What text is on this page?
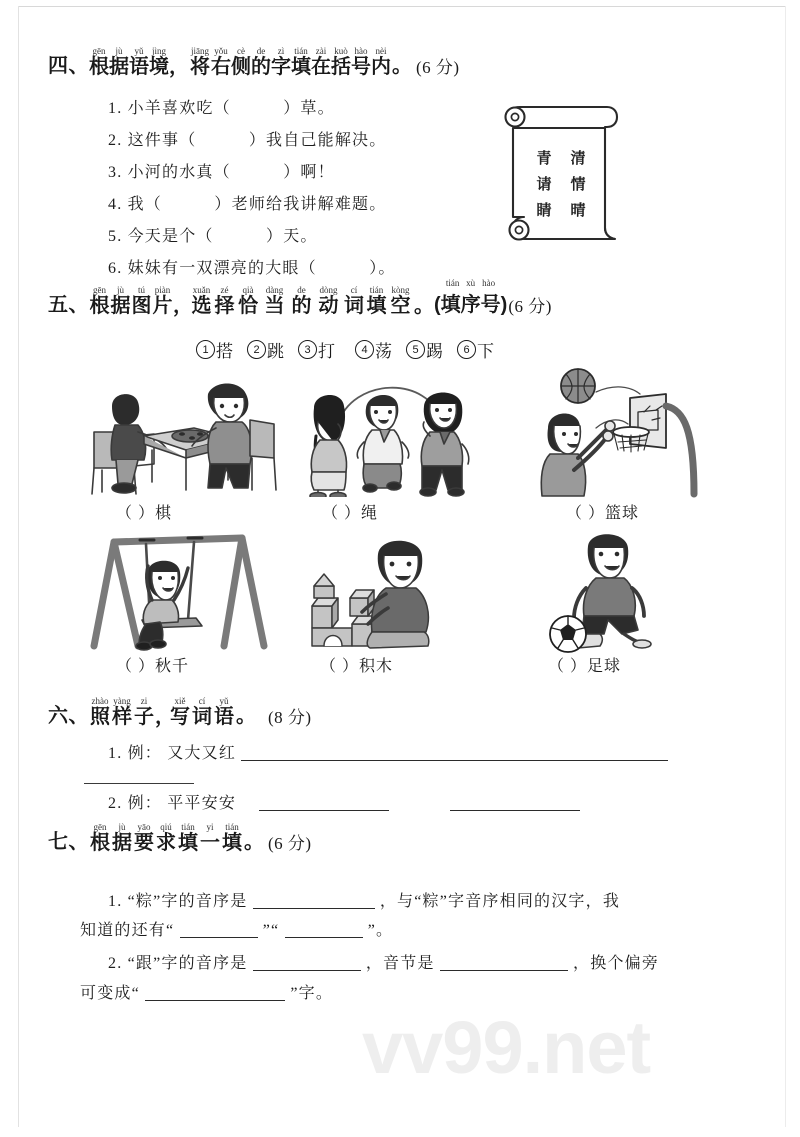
四、
gēn	jù	yǔ jìng	jiāng yǒu	cè	de	zì	tián zài kuò hào nèi
根 据 语 境 ， 将 右 侧 的 字 填 在 括 号 内 。 (6 分)
1. 小羊喜欢吃（	）草。
2. 这件事（	）我自己能解决。
3. 小河的水真（	）啊！
4. 我（	）老师给我讲解难题。
5. 今天是个（	）天。
6. 妹妹有一双漂亮的大眼（	）。
青 清
请 情
睛 晴
五、
gēn	jù	tú	piàn	xuǎn	zé	qià	dàng	de	dòng	cí	tián kòng
根 据 图 片 ，
选 择 恰 当 的 动 词 填 空 。
tián xù hào
(填序号) (6 分)
1 搭	2 跳	3 打	4 荡	5 踢	6 下
（ ）棋	（ ）绳	（ ）篮球
（ ）秋千	（ ）积木	（ ）足球
六、
zhào yàng	zi	xiě	cí	yǔ
照 样 子 ，
写 词 语 。 (8 分)
1. 例： 又大又红
2. 例： 平平安安
七、
gēn	jù	yāo	qiú	tián	yi	tián
根 据 要 求 填 一 填 。 (6 分)
1. “粽”字的音序是	，与“粽”字音序相同的汉字，我
知道的还有“	”“	”。
2. “跟”字的音序是	，音节是	，换个偏旁
可变成“	”字。
vv99.net
